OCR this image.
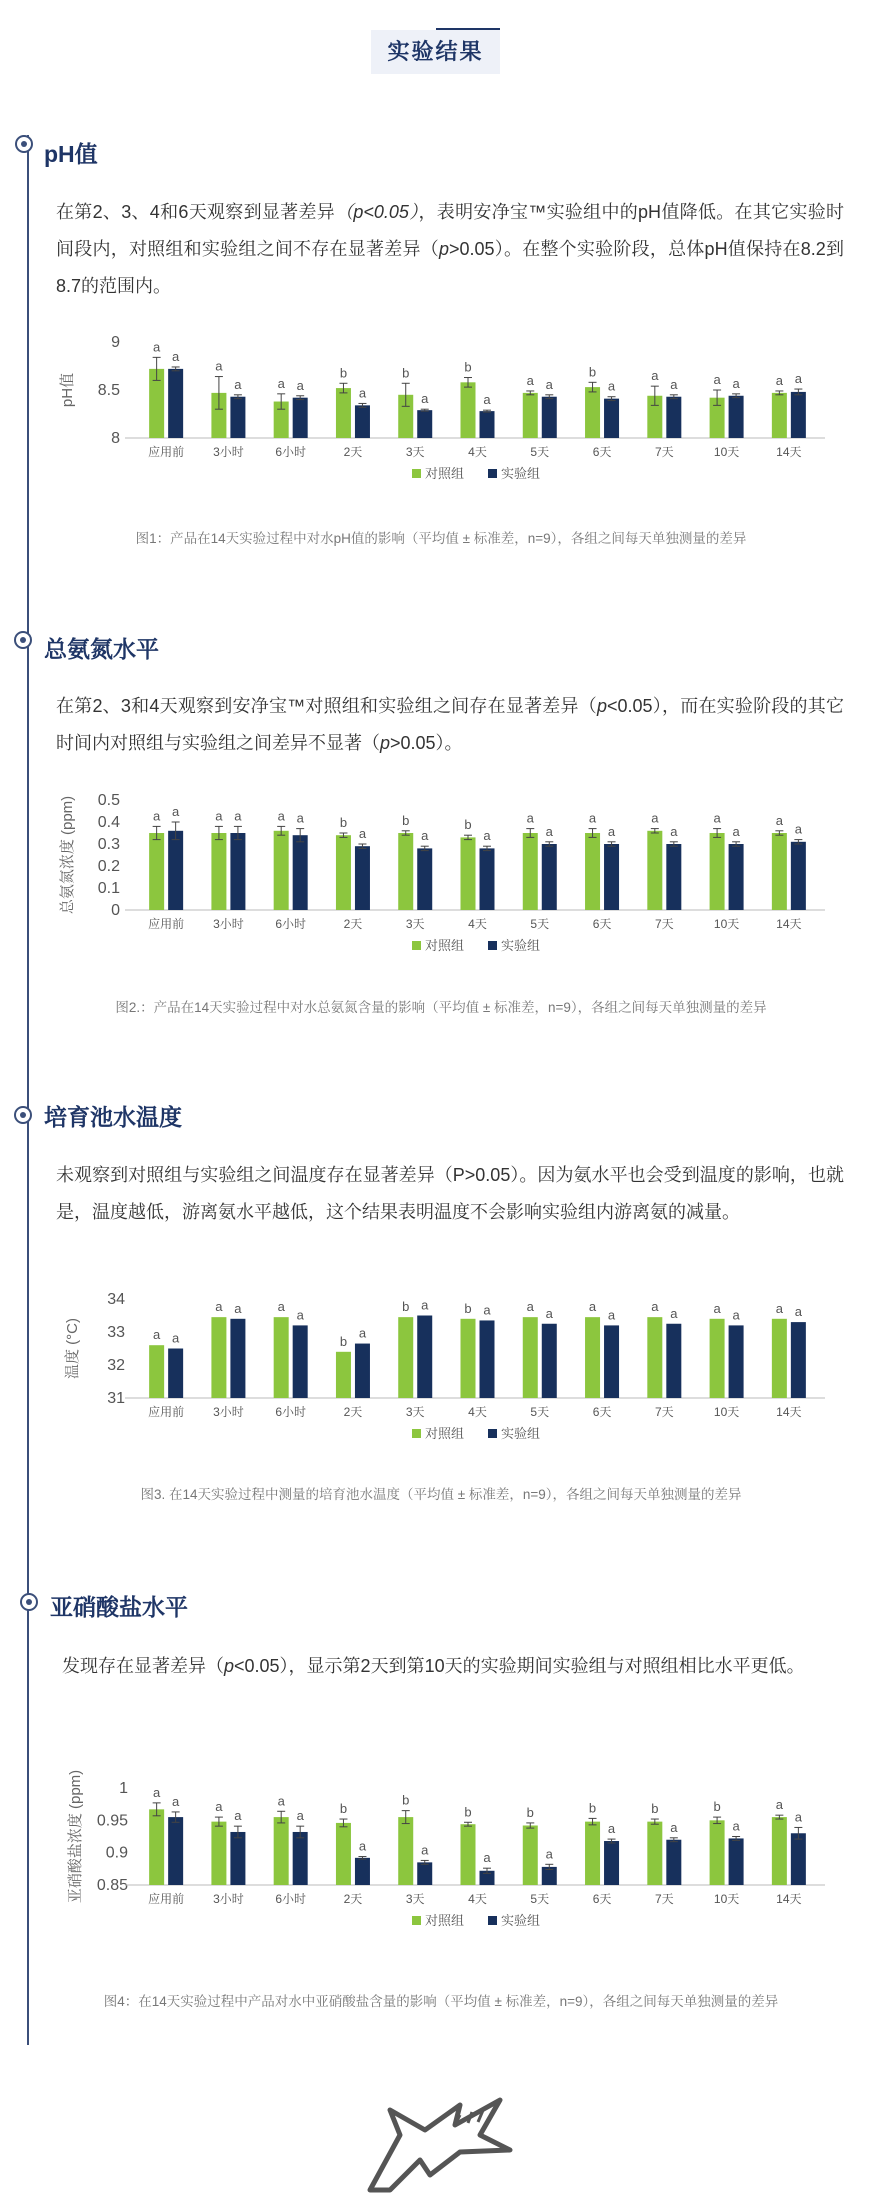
实验结果
pH值
在第2、3、4和6天观察到显著差异（p<0.05），表明安净宝™实验组中的pH值降低。在其它实验时间段内，对照组和实验组之间不存在显著差异（p>0.05）。在整个实验阶段，总体pH值保持在8.2到8.7的范围内。
pH值
8
8.5
9	a
a
应用前
a
a
3小时
a a
6小时
b
a
2天
b
a
3天
b
a
4天
a a
5天
b
a
6天
a
a
7天
a a
10天
a a
14天
对照组	实验组
图1：产品在14天实验过程中对水pH值的影响（平均值 ± 标准差，n=9），各组之间每天单独测量的差异
总氨氮水平
在第2、3和4天观察到安净宝™对照组和实验组之间存在显著差异（p<0.05），而在实验阶段的其它时间内对照组与实验组之间差异不显著（p>0.05）。
总氨氮浓度 (ppm) 0
0.1
0.2
0.3
0.4
0.5
a a
应用前
a a
3小时
a a
6小时
b
a
2天
b
a
3天
b
a
4天
a
a
5天
a
a
6天
a
a
7天
a
a
10天
a
a
14天
对照组	实验组
图2.：产品在14天实验过程中对水总氨氮含量的影响（平均值 ± 标准差，n=9），各组之间每天单独测量的差异
培育池水温度
未观察到对照组与实验组之间温度存在显著差异（P>0.05）。因为氨水平也会受到温度的影响，也就是，温度越低，游离氨水平越低，这个结果表明温度不会影响实验组内游离氨的减量。
温度 (°C)
31
32
33
34
a a
应用前
a a
3小时
a
a
6小时
b
a
2天
b a
3天
b a
4天
a a
5天
a
a
6天
a a
7天
a a
10天
a a
14天
对照组	实验组
图3. 在14天实验过程中测量的培育池水温度（平均值 ± 标准差，n=9），各组之间每天单独测量的差异
亚硝酸盐水平
发现存在显著差异（p<0.05），显示第2天到第10天的实验期间实验组与对照组相比水平更低。
亚硝酸盐浓度 (ppm) 0.85
0.9
0.95
1 a
a
应用前
a
a
3小时
a
a
6小时
b
a
2天
b
a
3天
b
a
4天
b
a
5天
b
a
6天
b
a
7天
b
a
10天
a
a
14天
对照组	实验组
图4：在14天实验过程中产品对水中亚硝酸盐含量的影响（平均值 ± 标准差，n=9），各组之间每天单独测量的差异
